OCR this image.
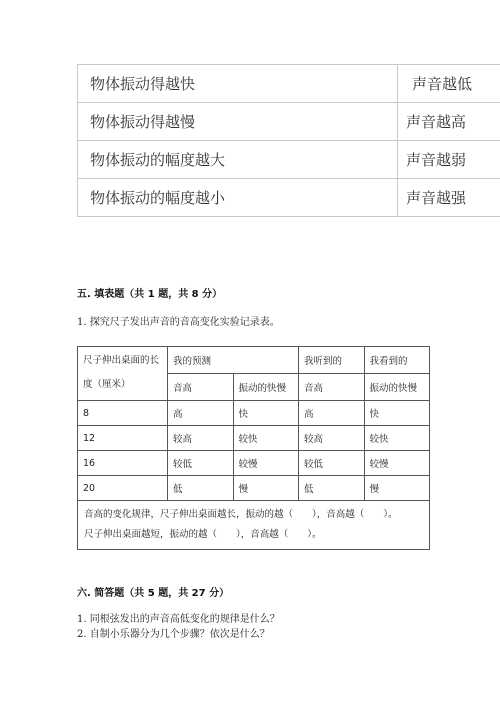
物体振动得越快	声音越低
物体振动得越慢	声音越高
物体振动的幅度越大	声音越弱
物体振动的幅度越小	声音越强
五. 填表题（共 1 题，共 8 分）
1. 探究尺子发出声音的音高变化实验记录表。
尺子伸出桌面的长度（厘米）	我的预测		我听到的	我看到的
	音高	振动的快慢	音高	振动的快慢
8	高	快	高	快
12	较高	较快	较高	较快
16	较低	较慢	较低	较慢
20	低	慢	低	慢

音高的变化规律，尺子伸出桌面越长，振动的越（　　），音高越（　　）。
尺子伸出桌面越短，振动的越（　　），音高越（　　）。				
六. 简答题（共 5 题，共 27 分）
1. 同根弦发出的声音高低变化的规律是什么？
2. 自制小乐器分为几个步骤？依次是什么？
